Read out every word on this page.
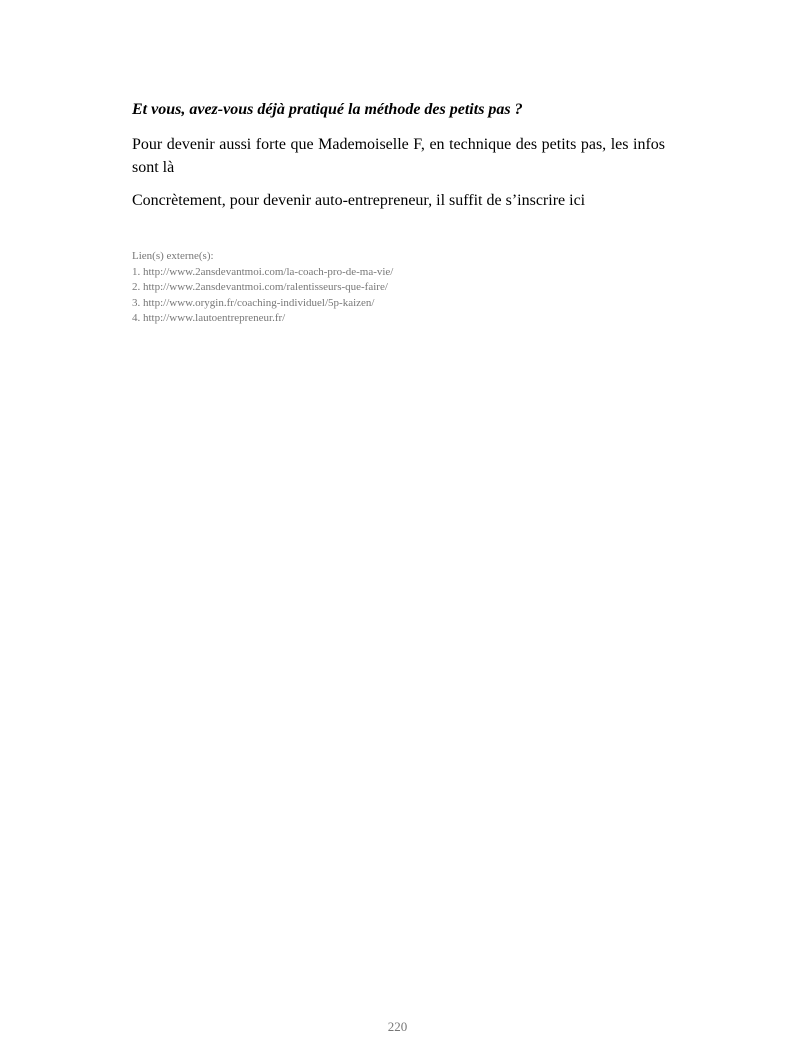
Et vous, avez-vous déjà pratiqué la méthode des petits pas ?

Pour devenir aussi forte que Mademoiselle F, en technique des petits pas, les infos sont là

Concrètement, pour devenir auto-entrepreneur, il suffit de s’inscrire ici

Lien(s) externe(s):
1. http://www.2ansdevantmoi.com/la-coach-pro-de-ma-vie/
2. http://www.2ansdevantmoi.com/ralentisseurs-que-faire/
3. http://www.orygin.fr/coaching-individuel/5p-kaizen/
4. http://www.lautoentrepreneur.fr/
220
